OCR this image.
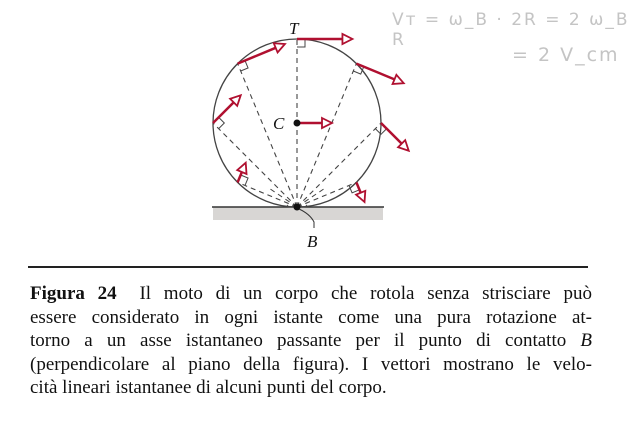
Vᴛ = ω_B · 2R = 2 ω_B R
= 2 V_cm
T
C
B
Figura 24 Il moto di un corpo che rotola senza strisciare può
essere considerato in ogni istante come una pura rotazione at-
torno a un asse istantaneo passante per il punto di contatto B
(perpendicolare al piano della figura). I vettori mostrano le velo-
cità lineari istantanee di alcuni punti del corpo.
